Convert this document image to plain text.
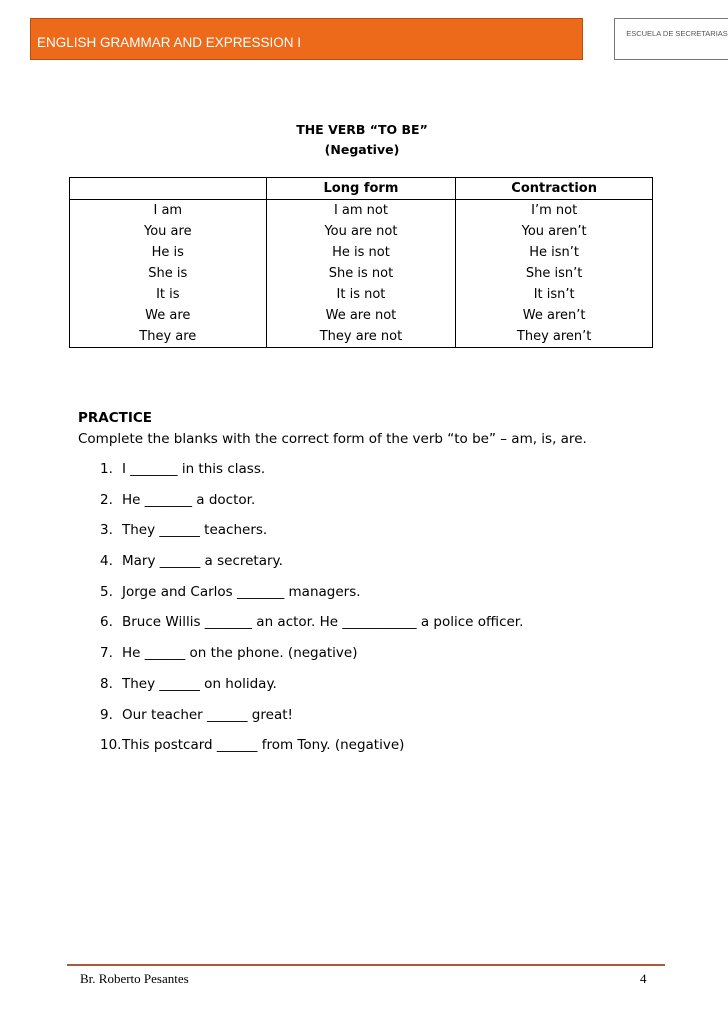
ENGLISH GRAMMAR AND EXPRESSION I
ESCUELA DE SECRETARIAS
THE VERB “TO BE”
(Negative)
	Long form	Contraction
I am	I am not	I’m not
You are	You are not	You aren’t
He is	He is not	He isn’t
She is	She is not	She isn’t
It is	It is not	It isn’t
We are	We are not	We aren’t
They are	They are not	They aren’t
PRACTICE
Complete the blanks with the correct form of the verb “to be” – am, is, are.
1. I _______ in this class.
2. He _______ a doctor.
3. They ______ teachers.
4. Mary ______ a secretary.
5. Jorge and Carlos _______ managers.
6. Bruce Willis _______ an actor. He ___________ a police officer.
7. He ______ on the phone. (negative)
8. They ______ on holiday.
9. Our teacher ______ great!
10.This postcard ______ from Tony. (negative)
Br. Roberto Pesantes	4
